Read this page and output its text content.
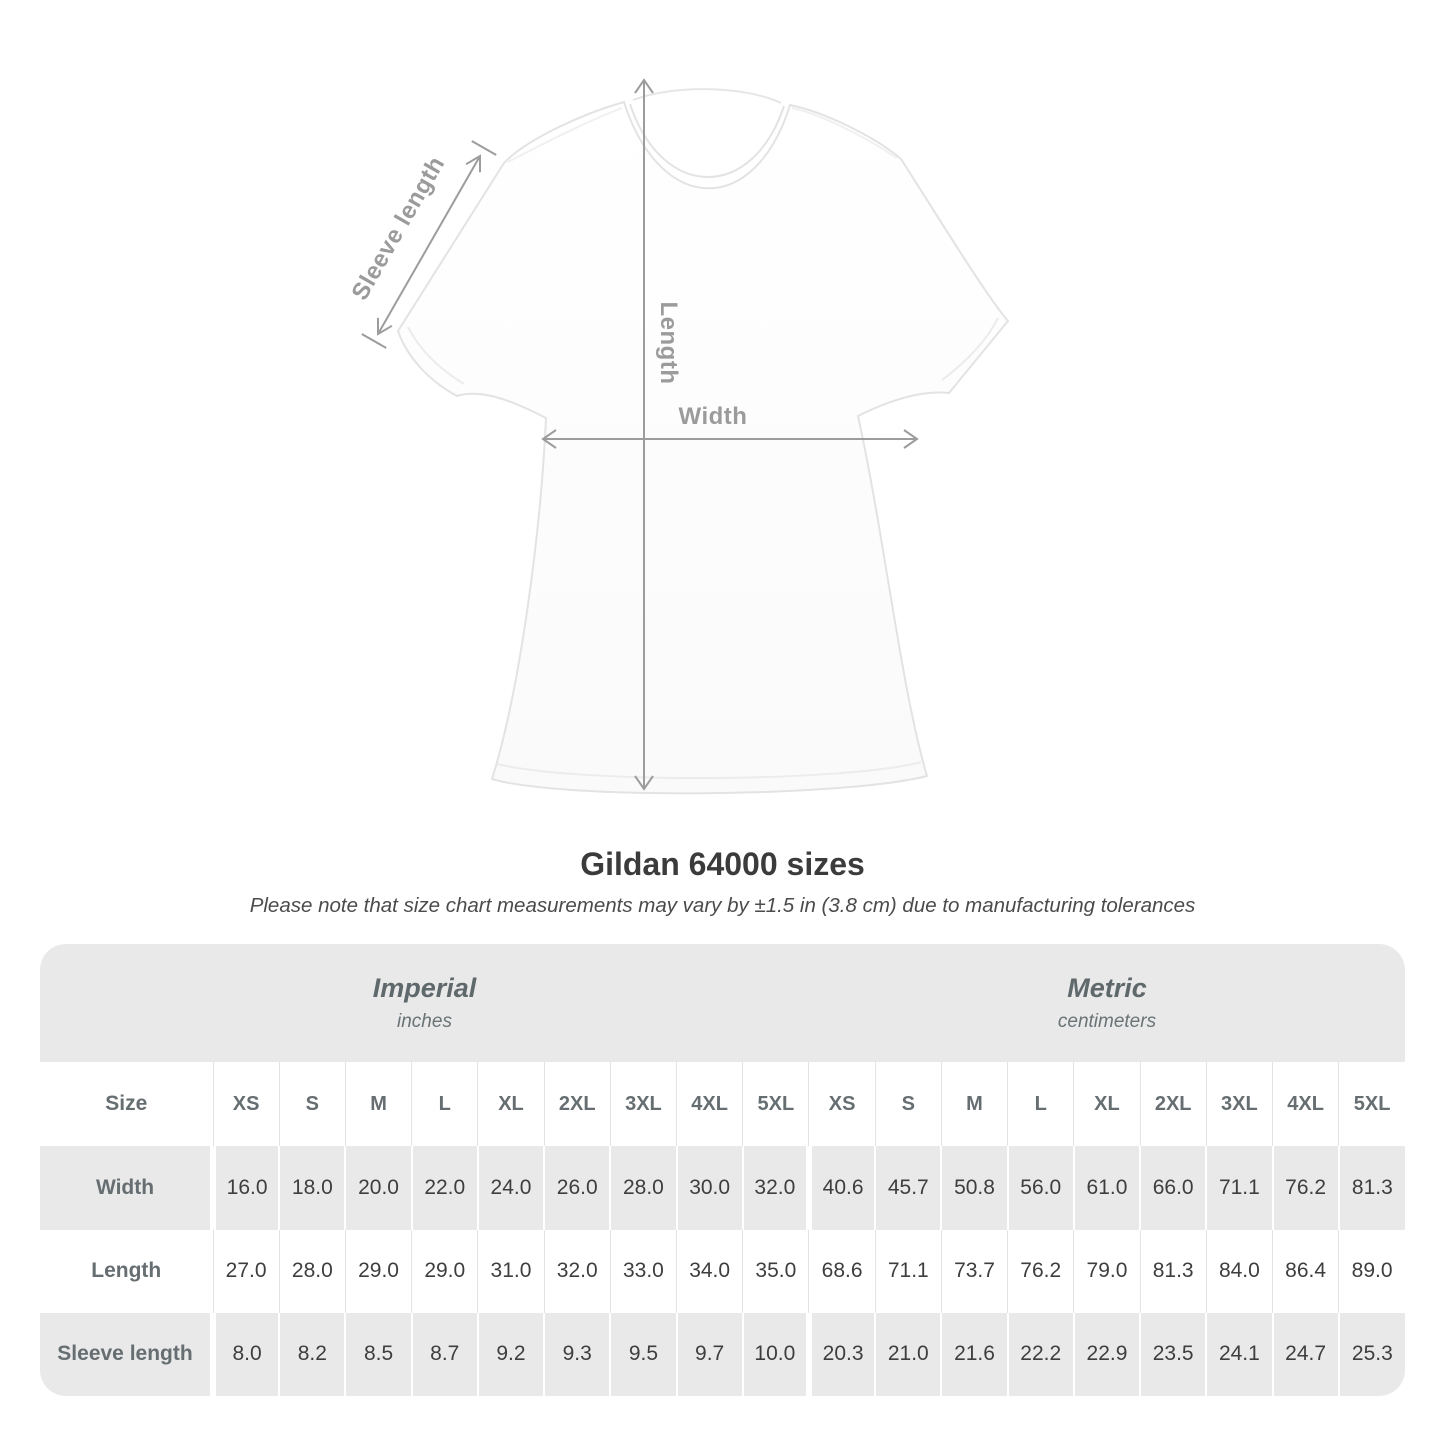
Width
Length
Sleeve length
Gildan 64000 sizes
Please note that size chart measurements may vary by ±1.5 in (3.8 cm) due to manufacturing tolerances
Imperial
inches

Metric
centimeters

Size	XS	S	M	L	XL	2XL	3XL	4XL	5XL	XS	S	M	L	XL	2XL	3XL	4XL	5XL
Width	16.0	18.0	20.0	22.0	24.0	26.0	28.0	30.0	32.0	40.6	45.7	50.8	56.0	61.0	66.0	71.1	76.2	81.3
Length	27.0	28.0	29.0	29.0	31.0	32.0	33.0	34.0	35.0	68.6	71.1	73.7	76.2	79.0	81.3	84.0	86.4	89.0
Sleeve length	8.0	8.2	8.5	8.7	9.2	9.3	9.5	9.7	10.0	20.3	21.0	21.6	22.2	22.9	23.5	24.1	24.7	25.3
